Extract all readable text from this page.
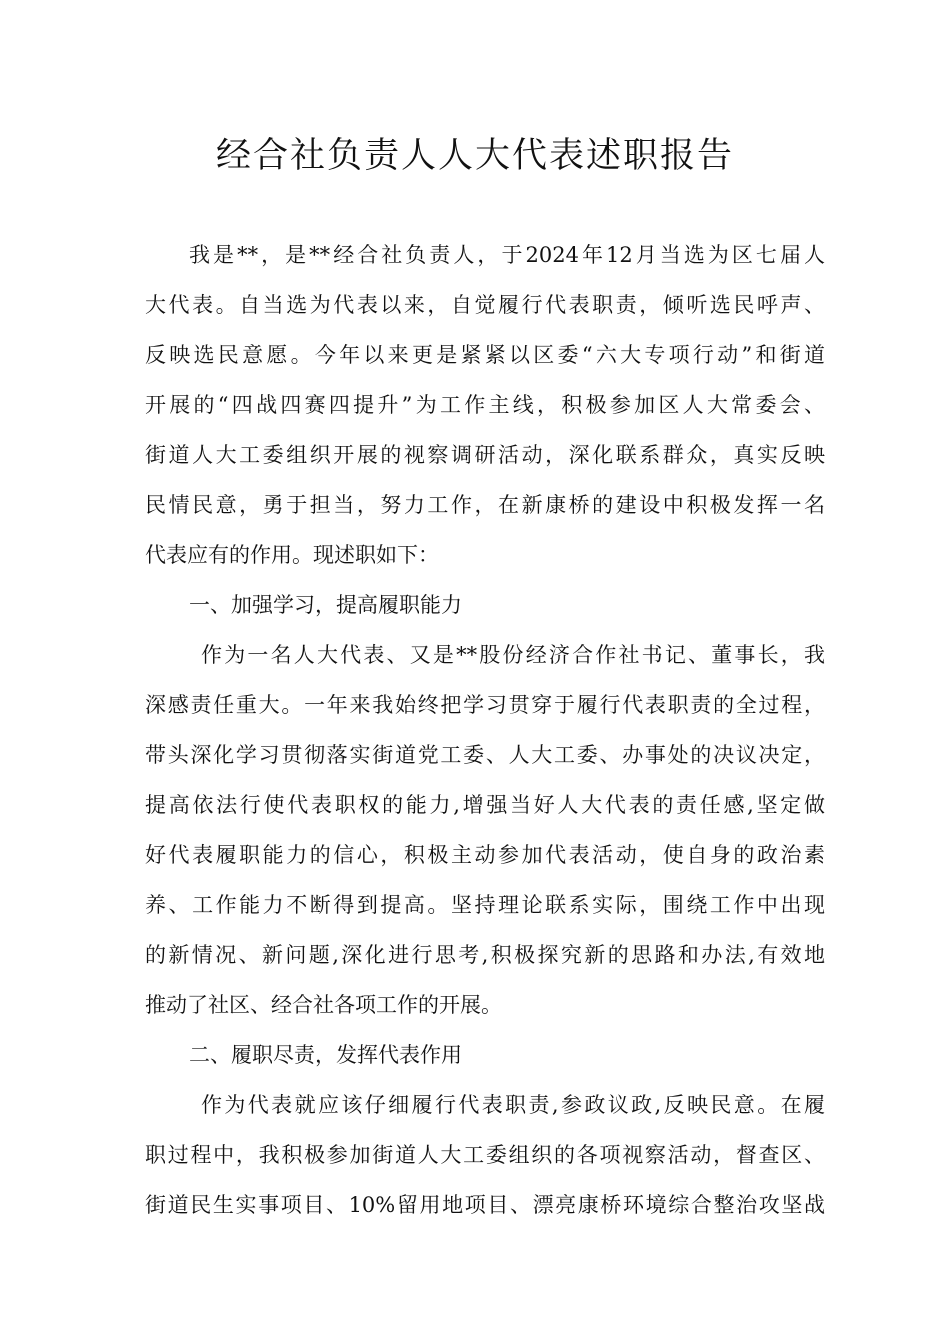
经合社负责人人大代表述职报告
我是**，是**经合社负责人，于2024年12月当选为区七届人
大代表。自当选为代表以来，自觉履行代表职责，倾听选民呼声、
反映选民意愿。今年以来更是紧紧以区委“六大专项行动”和街道
开展的“四战四赛四提升”为工作主线，积极参加区人大常委会、
街道人大工委组织开展的视察调研活动，深化联系群众，真实反映
民情民意，勇于担当，努力工作，在新康桥的建设中积极发挥一名
代表应有的作用。现述职如下：
一、加强学习，提高履职能力
作为一名人大代表、又是**股份经济合作社书记、董事长，我
深感责任重大。一年来我始终把学习贯穿于履行代表职责的全过程，
带头深化学习贯彻落实街道党工委、人大工委、办事处的决议决定，
提高依法行使代表职权的能力,增强当好人大代表的责任感,坚定做
好代表履职能力的信心，积极主动参加代表活动，使自身的政治素
养、工作能力不断得到提高。坚持理论联系实际，围绕工作中出现
的新情况、新问题,深化进行思考,积极探究新的思路和办法,有效地
推动了社区、经合社各项工作的开展。
二、履职尽责，发挥代表作用
作为代表就应该仔细履行代表职责,参政议政,反映民意。在履
职过程中，我积极参加街道人大工委组织的各项视察活动，督查区、
街道民生实事项目、10%留用地项目、漂亮康桥环境综合整治攻坚战
